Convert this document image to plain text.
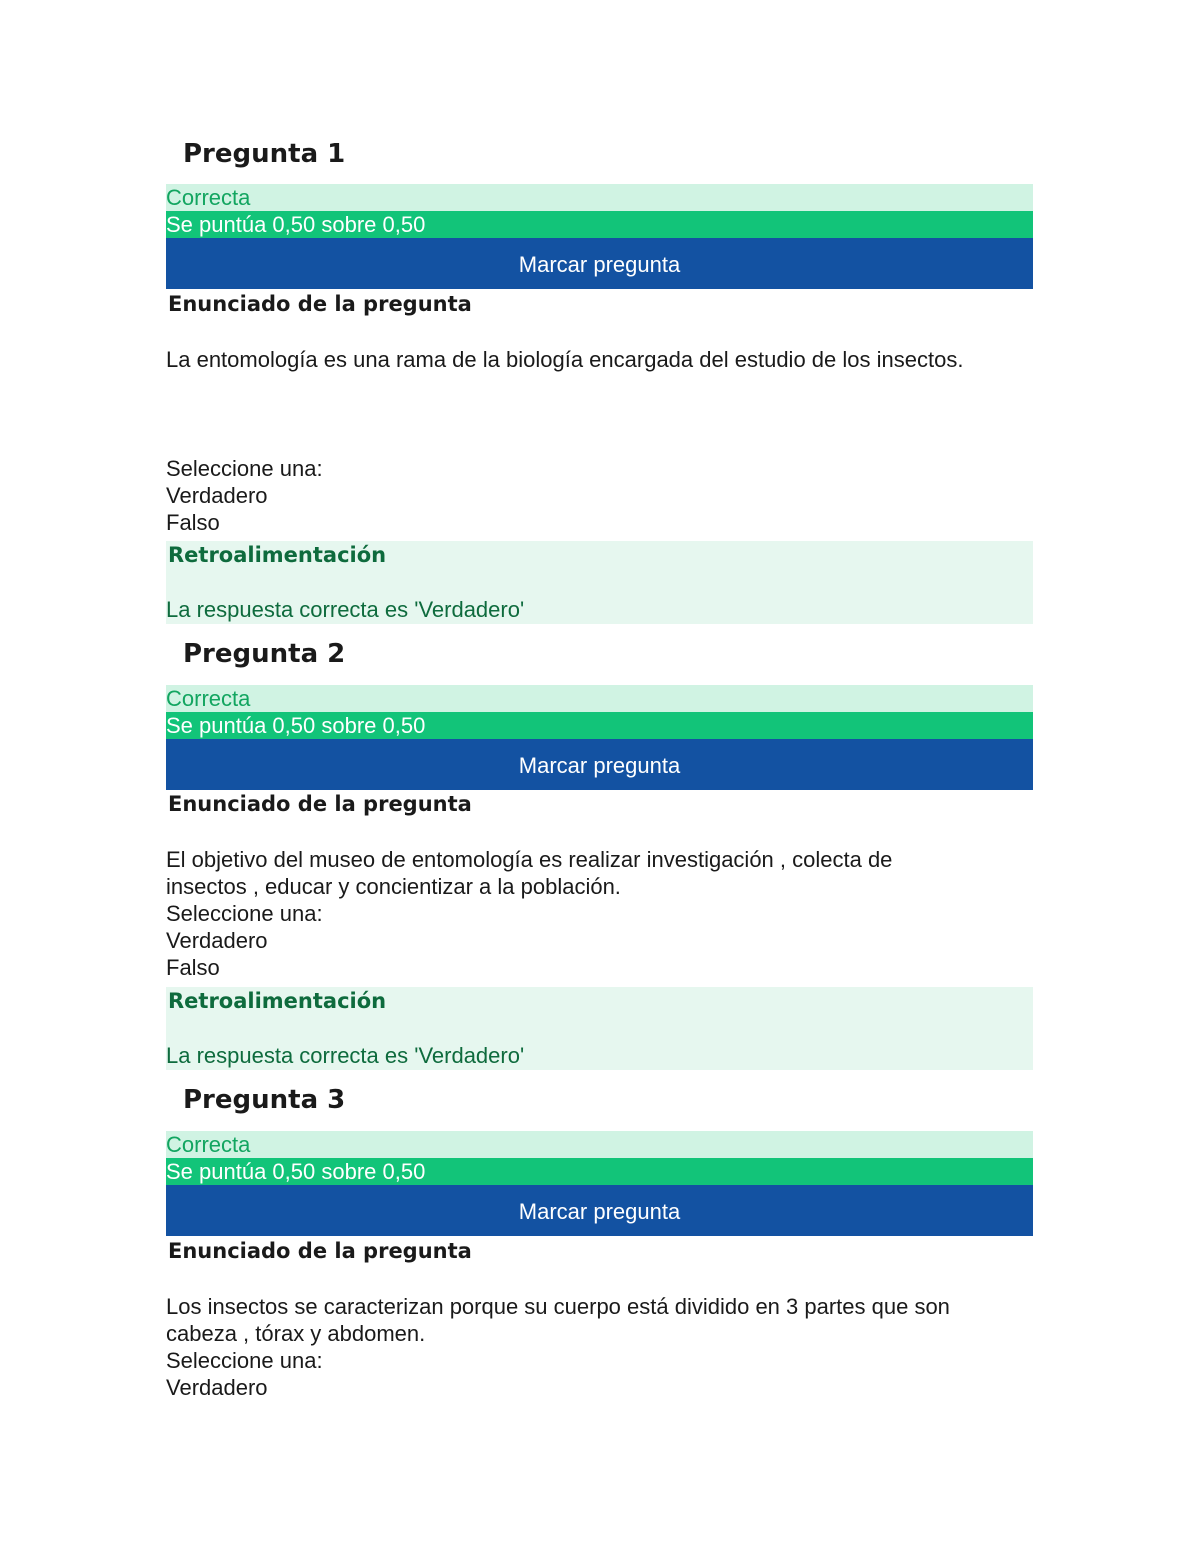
Pregunta 1
Correcta
Se puntúa 0,50 sobre 0,50
Marcar pregunta
Enunciado de la pregunta
La entomología es una rama de la biología encargada del estudio de los insectos.
Seleccione una:
Verdadero
Falso
Retroalimentación
La respuesta correcta es 'Verdadero'
Pregunta 2
Correcta
Se puntúa 0,50 sobre 0,50
Marcar pregunta
Enunciado de la pregunta
El objetivo del museo de entomología es realizar investigación , colecta de insectos , educar y concientizar a la población.
Seleccione una:
Verdadero
Falso
Retroalimentación
La respuesta correcta es 'Verdadero'
Pregunta 3
Correcta
Se puntúa 0,50 sobre 0,50
Marcar pregunta
Enunciado de la pregunta
Los insectos se caracterizan porque su cuerpo está dividido en 3 partes que son cabeza , tórax y abdomen.
Seleccione una:
Verdadero
